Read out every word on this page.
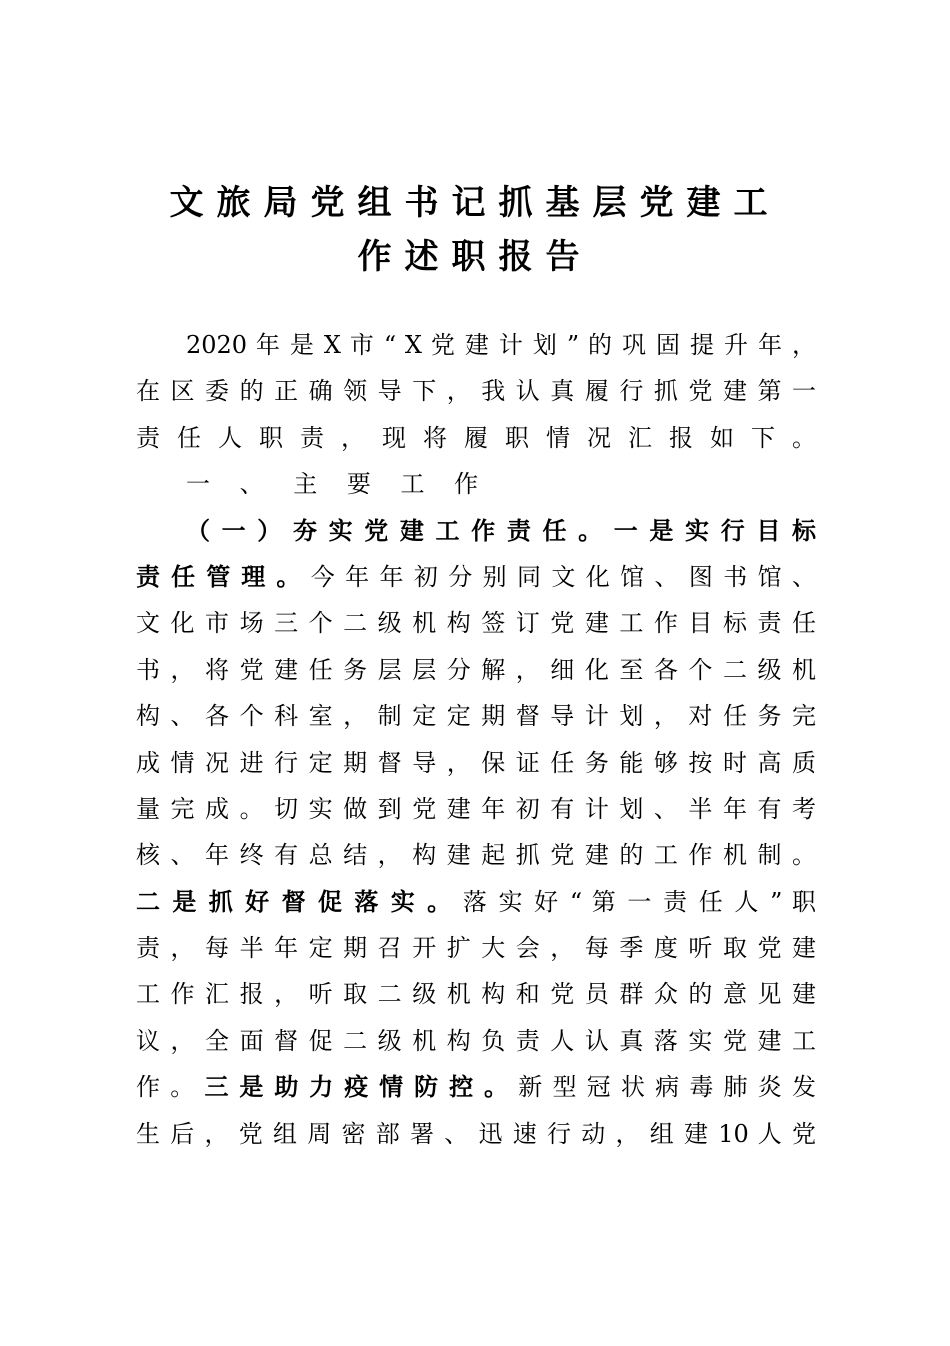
文旅局党组书记抓基层党建工
作述职报告
2020 年 是 X 市 “ X 党 建 计 划 ” 的 巩 固 提 升 年 ，
在 区 委 的 正 确 领 导 下 ， 我 认 真 履 行 抓 党 建 第 一
责 任 人 职 责 ， 现 将 履 职 情 况 汇 报 如 下 。
一 、 主 要 工 作
（ 一 ） 夯 实 党 建 工 作 责 任 。 一 是 实 行 目 标
责 任 管 理 。 今 年 年 初 分 别 同 文 化 馆 、 图 书 馆 、
文 化 市 场 三 个 二 级 机 构 签 订 党 建 工 作 目 标 责 任
书 ， 将 党 建 任 务 层 层 分 解 ， 细 化 至 各 个 二 级 机
构 、 各 个 科 室 ， 制 定 定 期 督 导 计 划 ， 对 任 务 完
成 情 况 进 行 定 期 督 导 ， 保 证 任 务 能 够 按 时 高 质
量 完 成 。 切 实 做 到 党 建 年 初 有 计 划 、 半 年 有 考
核 、 年 终 有 总 结 ， 构 建 起 抓 党 建 的 工 作 机 制 。
二 是 抓 好 督 促 落 实 。 落 实 好 “ 第 一 责 任 人 ” 职
责 ， 每 半 年 定 期 召 开 扩 大 会 ， 每 季 度 听 取 党 建
工 作 汇 报 ， 听 取 二 级 机 构 和 党 员 群 众 的 意 见 建
议 ， 全 面 督 促 二 级 机 构 负 责 人 认 真 落 实 党 建 工
作 。 三 是 助 力 疫 情 防 控 。 新 型 冠 状 病 毒 肺 炎 发
生 后 ， 党 组 周 密 部 署 、 迅 速 行 动 ， 组 建 10 人 党
